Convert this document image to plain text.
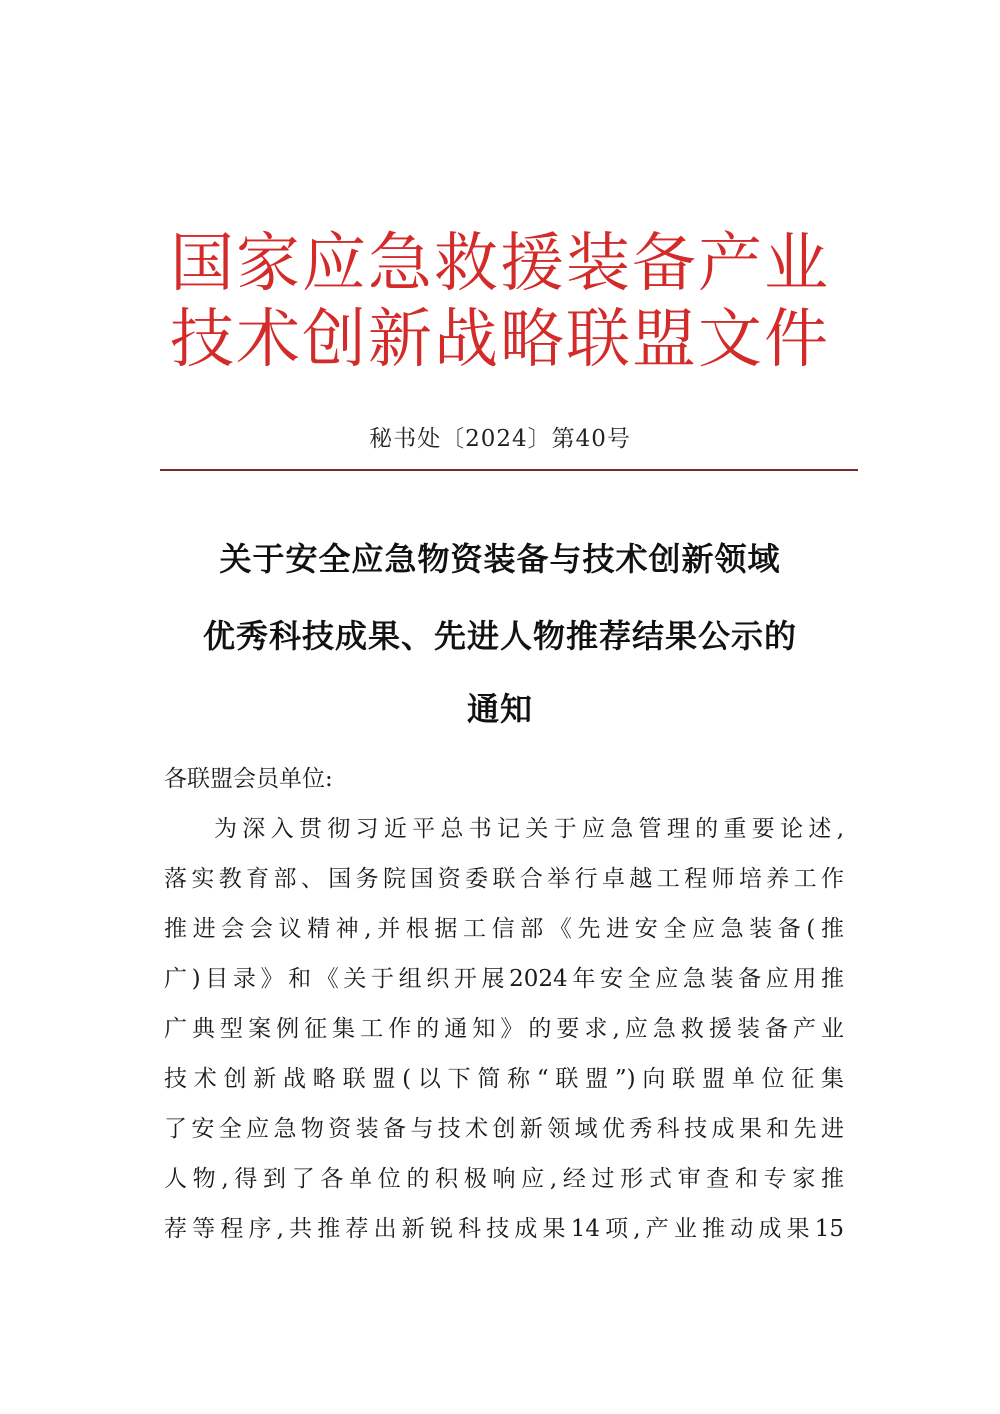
国家应急救援装备产业
技术创新战略联盟文件
秘书处〔2024〕第40号
关于安全应急物资装备与技术创新领域
优秀科技成果、先进人物推荐结果公示的
通知
各联盟会员单位:
为深入贯彻习近平总书记关于应急管理的重要论述,
落实教育部、国务院国资委联合举行卓越工程师培养工作
推进会会议精神,并根据工信部《先进安全应急装备(推
广)目录》和《关于组织开展2024年安全应急装备应用推
广典型案例征集工作的通知》的要求,应急救援装备产业
技术创新战略联盟(以下简称“联盟”)向联盟单位征集
了安全应急物资装备与技术创新领域优秀科技成果和先进
人物,得到了各单位的积极响应,经过形式审查和专家推
荐等程序,共推荐出新锐科技成果14项,产业推动成果15
